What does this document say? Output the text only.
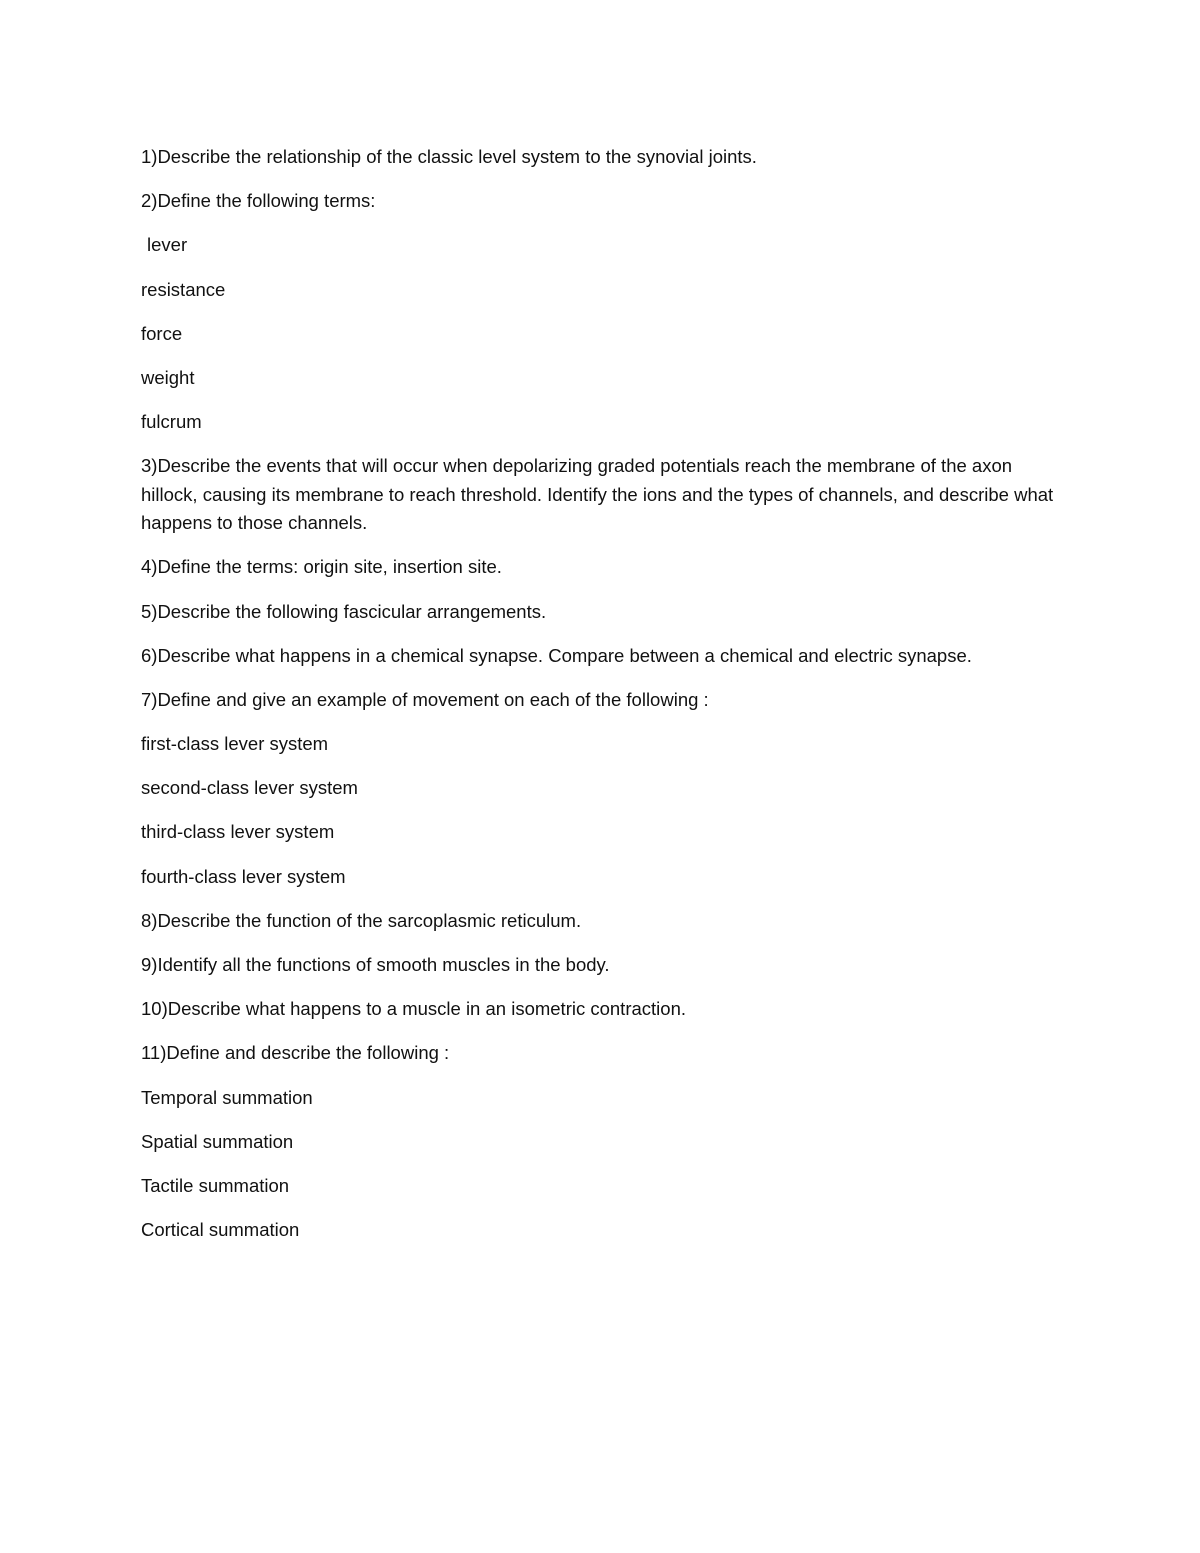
1)Describe the relationship of the classic level system to the synovial joints.

2)Define the following terms:

lever

resistance

force

weight

fulcrum

3)Describe the events that will occur when depolarizing graded potentials reach the membrane of the axon hillock, causing its membrane to reach threshold. Identify the ions and the types of channels, and describe what happens to those channels.

4)Define the terms: origin site, insertion site.

5)Describe the following fascicular arrangements.

6)Describe what happens in a chemical synapse. Compare between a chemical and electric synapse.

7)Define and give an example of movement on each of the following :

first-class lever system

second-class lever system

third-class lever system

fourth-class lever system

8)Describe the function of the sarcoplasmic reticulum.

9)Identify all the functions of smooth muscles in the body.

10)Describe what happens to a muscle in an isometric contraction.

11)Define and describe the following :

Temporal summation

Spatial summation

Tactile summation

Cortical summation
